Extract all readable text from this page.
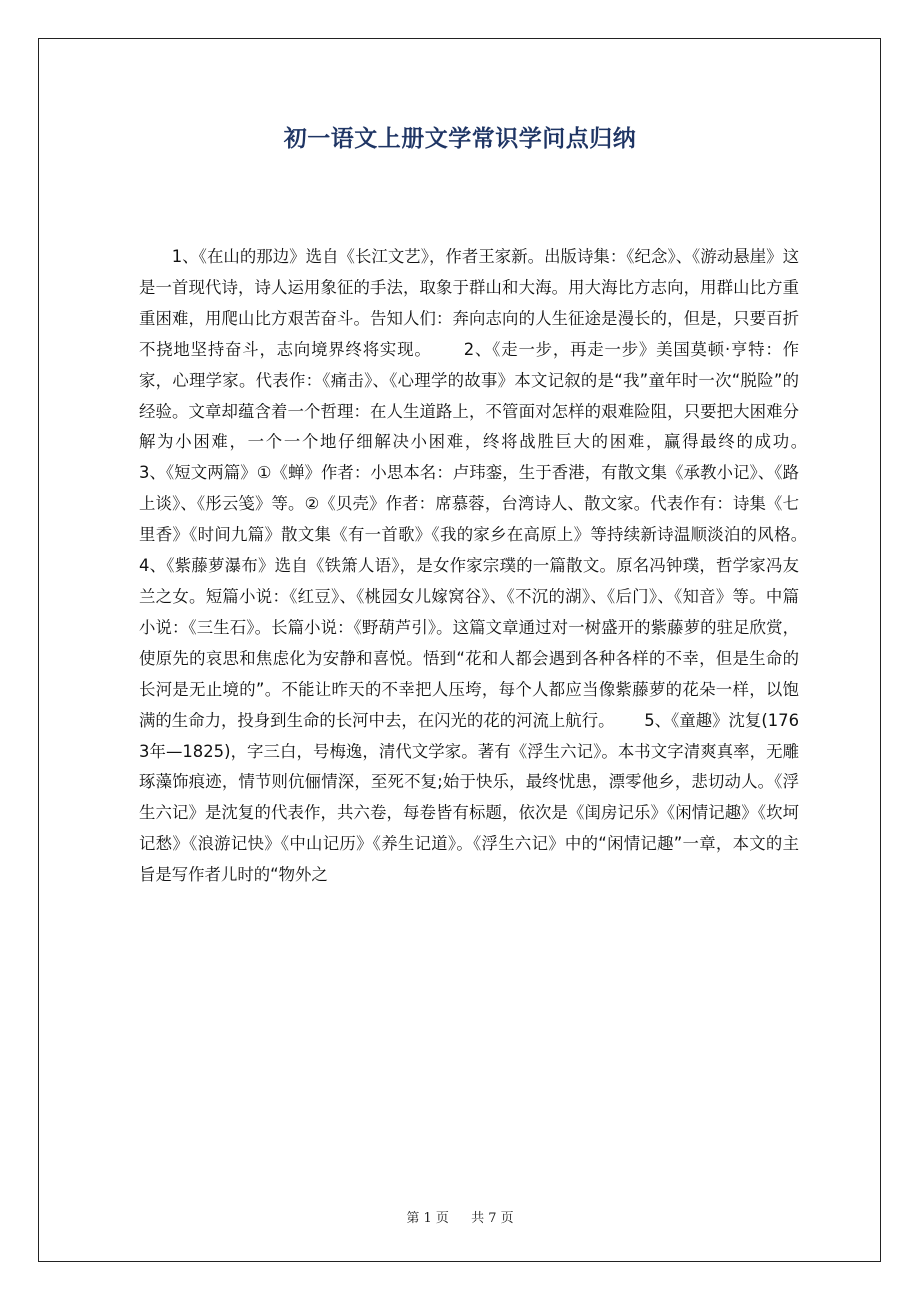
初一语文上册文学常识学问点归纳

1、《在山的那边》选自《长江文艺》，作者王家新。出版诗集：《纪念》、《游动悬崖》这是一首现代诗，诗人运用象征的手法，取象于群山和大海。用大海比方志向，用群山比方重重困难，用爬山比方艰苦奋斗。告知人们：奔向志向的人生征途是漫长的，但是，只要百折不挠地坚持奋斗，志向境界终将实现。　　 2、《走一步，再走一步》美国莫顿·亨特：作家，心理学家。代表作：《痛击》、《心理学的故事》本文记叙的是“我”童年时一次“脱险”的经验。文章却蕴含着一个哲理：在人生道路上，不管面对怎样的艰难险阻，只要把大困难分解为小困难，一个一个地仔细解决小困难，终将战胜巨大的困难，赢得最终的成功。　　 3、《短文两篇》①《蝉》作者：小思本名：卢玮銮，生于香港，有散文集《承教小记》、《路上谈》、《彤云笺》等。②《贝壳》作者：席慕蓉，台湾诗人、散文家。代表作有：诗集《七里香》《时间九篇》散文集《有一首歌》《我的家乡在高原上》等持续新诗温顺淡泊的风格。　　 4、《紫藤萝瀑布》选自《铁箫人语》，是女作家宗璞的一篇散文。原名冯钟璞，哲学家冯友兰之女。短篇小说：《红豆》、《桃园女儿嫁窝谷》、《不沉的湖》、《后门》、《知音》等。中篇小说：《三生石》。长篇小说：《野葫芦引》。这篇文章通过对一树盛开的紫藤萝的驻足欣赏，使原先的哀思和焦虑化为安静和喜悦。悟到“花和人都会遇到各种各样的不幸，但是生命的长河是无止境的”。不能让昨天的不幸把人压垮，每个人都应当像紫藤萝的花朵一样，以饱满的生命力，投身到生命的长河中去，在闪光的花的河流上航行。　　 5、《童趣》沈复(1763年—1825)，字三白，号梅逸，清代文学家。著有《浮生六记》。本书文字清爽真率，无雕琢藻饰痕迹，情节则伉俪情深，至死不复;始于快乐，最终忧患，漂零他乡，悲切动人。《浮生六记》是沈复的代表作，共六卷，每卷皆有标题，依次是《闺房记乐》《闲情记趣》《坎坷记愁》《浪游记快》《中山记历》《养生记道》。《浮生六记》中的“闲情记趣”一章，本文的主旨是写作者儿时的“物外之

第 1 页 共 7 页
